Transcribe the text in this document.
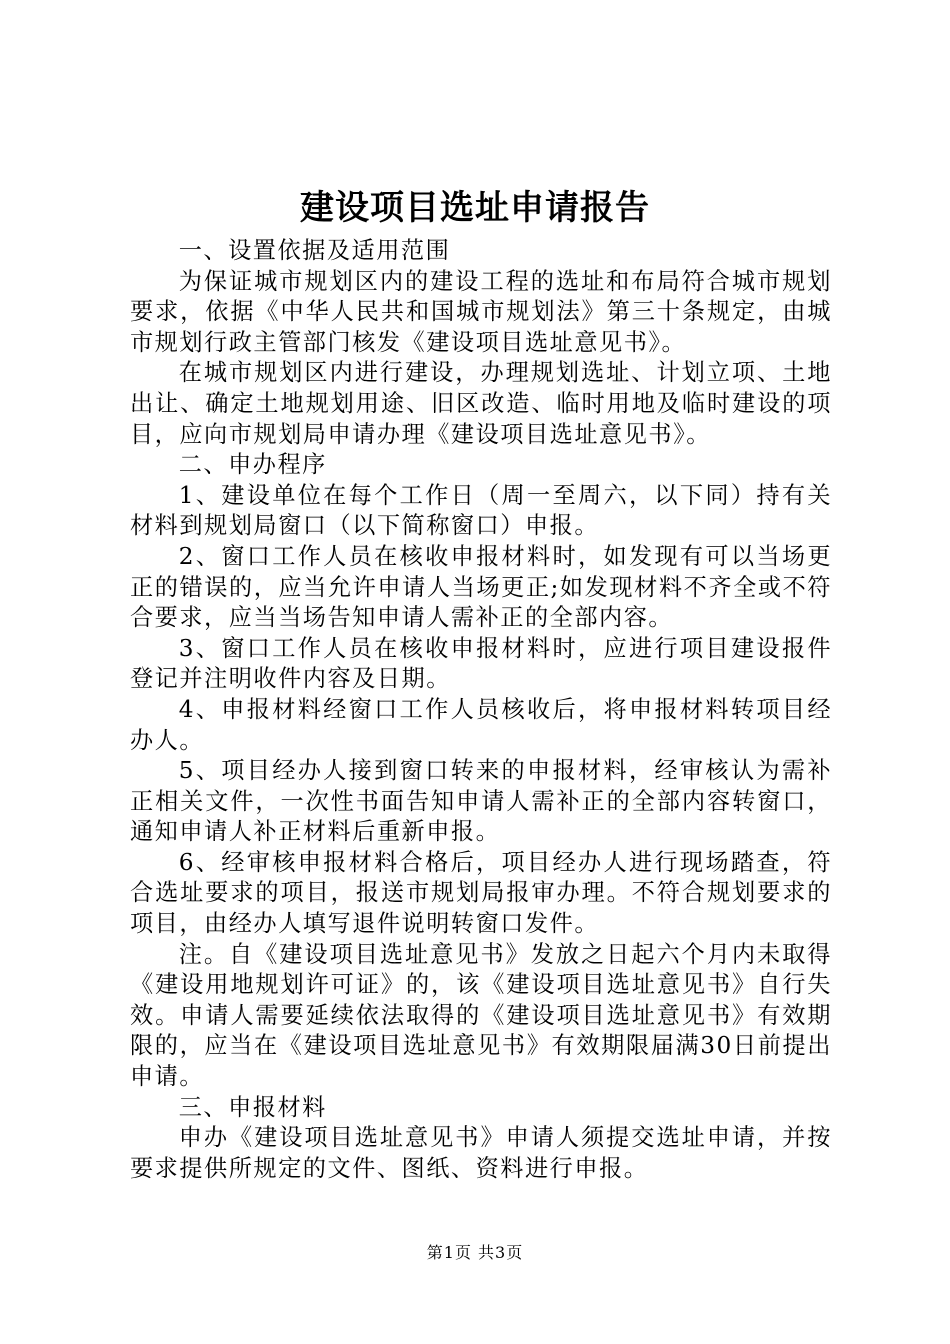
建设项目选址申请报告

一、设置依据及适用范围

为保证城市规划区内的建设工程的选址和布局符合城市规划要求，依据《中华人民共和国城市规划法》第三十条规定，由城市规划行政主管部门核发《建设项目选址意见书》。

在城市规划区内进行建设，办理规划选址、计划立项、土地出让、确定土地规划用途、旧区改造、临时用地及临时建设的项目，应向市规划局申请办理《建设项目选址意见书》。

二、申办程序

1、建设单位在每个工作日（周一至周六，以下同）持有关材料到规划局窗口（以下简称窗口）申报。

2、窗口工作人员在核收申报材料时，如发现有可以当场更正的错误的，应当允许申请人当场更正;如发现材料不齐全或不符合要求，应当当场告知申请人需补正的全部内容。

3、窗口工作人员在核收申报材料时，应进行项目建设报件登记并注明收件内容及日期。

4、申报材料经窗口工作人员核收后，将申报材料转项目经办人。

5、项目经办人接到窗口转来的申报材料，经审核认为需补正相关文件，一次性书面告知申请人需补正的全部内容转窗口，通知申请人补正材料后重新申报。

6、经审核申报材料合格后，项目经办人进行现场踏查，符合选址要求的项目，报送市规划局报审办理。不符合规划要求的项目，由经办人填写退件说明转窗口发件。

注。自《建设项目选址意见书》发放之日起六个月内未取得《建设用地规划许可证》的，该《建设项目选址意见书》自行失效。申请人需要延续依法取得的《建设项目选址意见书》有效期限的，应当在《建设项目选址意见书》有效期限届满30日前提出申请。

三、申报材料

申办《建设项目选址意见书》申请人须提交选址申请，并按要求提供所规定的文件、图纸、资料进行申报。

第1页 共3页
